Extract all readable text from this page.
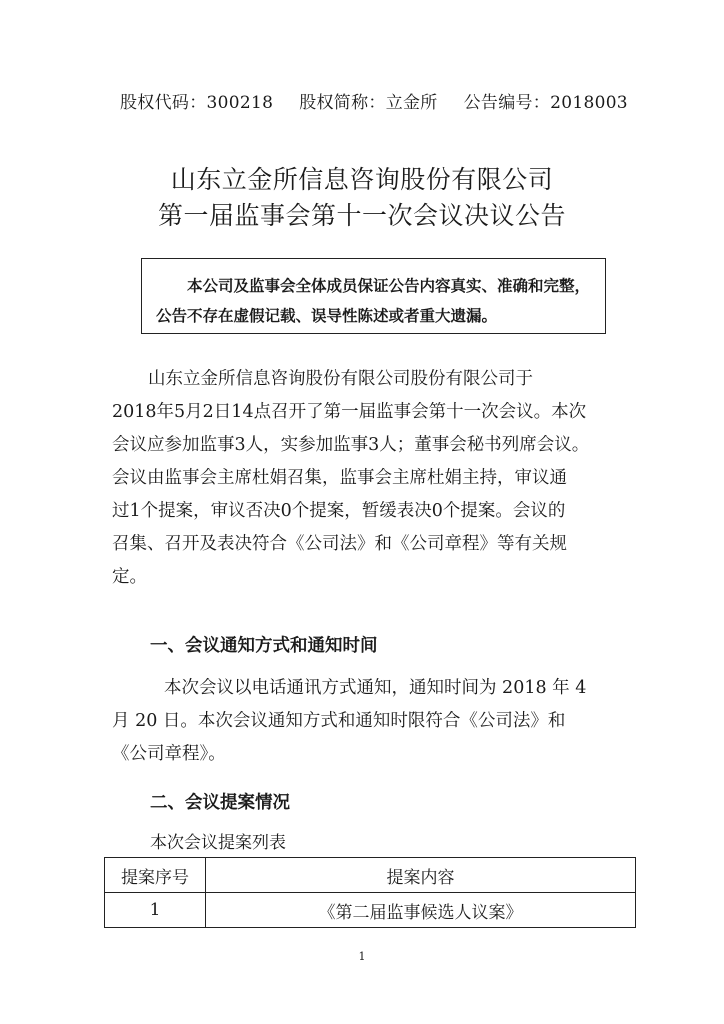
股权代码：300218 股权简称：立金所 公告编号：2018003
山东立金所信息咨询股份有限公司
第一届监事会第十一次会议决议公告
本公司及监事会全体成员保证公告内容真实、准确和完整，
公告不存在虚假记载、误导性陈述或者重大遗漏。
山东立金所信息咨询股份有限公司股份有限公司于
2018年5月2日14点召开了第一届监事会第十一次会议。本次
会议应参加监事3人，实参加监事3人；董事会秘书列席会议。
会议由监事会主席杜娟召集，监事会主席杜娟主持，审议通
过1个提案，审议否决0个提案，暂缓表决0个提案。会议的
召集、召开及表决符合《公司法》和《公司章程》等有关规
定。
一、会议通知方式和通知时间
本次会议以电话通讯方式通知，通知时间为 2018 年 4
月 20 日。本次会议通知方式和通知时限符合《公司法》和
《公司章程》。
二、会议提案情况
本次会议提案列表
提案序号	提案内容
1	《第二届监事候选人议案》
1
